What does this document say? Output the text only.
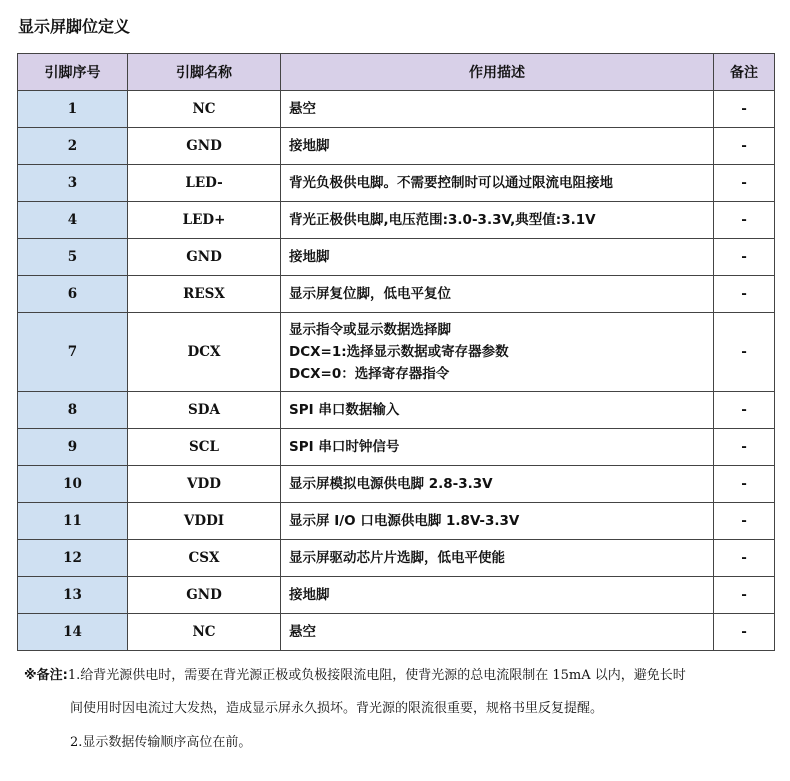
显示屏脚位定义
引脚序号	引脚名称	作用描述	备注
1	NC	悬空	-
2	GND	接地脚	-
3	LED-	背光负极供电脚。不需要控制时可以通过限流电阻接地	-
4	LED+	背光正极供电脚,电压范围:3.0-3.3V,典型值:3.1V	-
5	GND	接地脚	-
6	RESX	显示屏复位脚，低电平复位	-
7	DCX	显示指令或显示数据选择脚
DCX=1:选择显示数据或寄存器参数
DCX=0：选择寄存器指令	-
8	SDA	SPI 串口数据输入	-
9	SCL	SPI 串口时钟信号	-
10	VDD	显示屏模拟电源供电脚 2.8-3.3V	-
11	VDDI	显示屏 I/O 口电源供电脚 1.8V-3.3V	-
12	CSX	显示屏驱动芯片片选脚，低电平使能	-
13	GND	接地脚	-
14	NC	悬空	-
※备注:1.给背光源供电时，需要在背光源正极或负极接限流电阻，使背光源的总电流限制在 15mA 以内，避免长时
间使用时因电流过大发热，造成显示屏永久损坏。背光源的限流很重要，规格书里反复提醒。
2.显示数据传输顺序高位在前。
